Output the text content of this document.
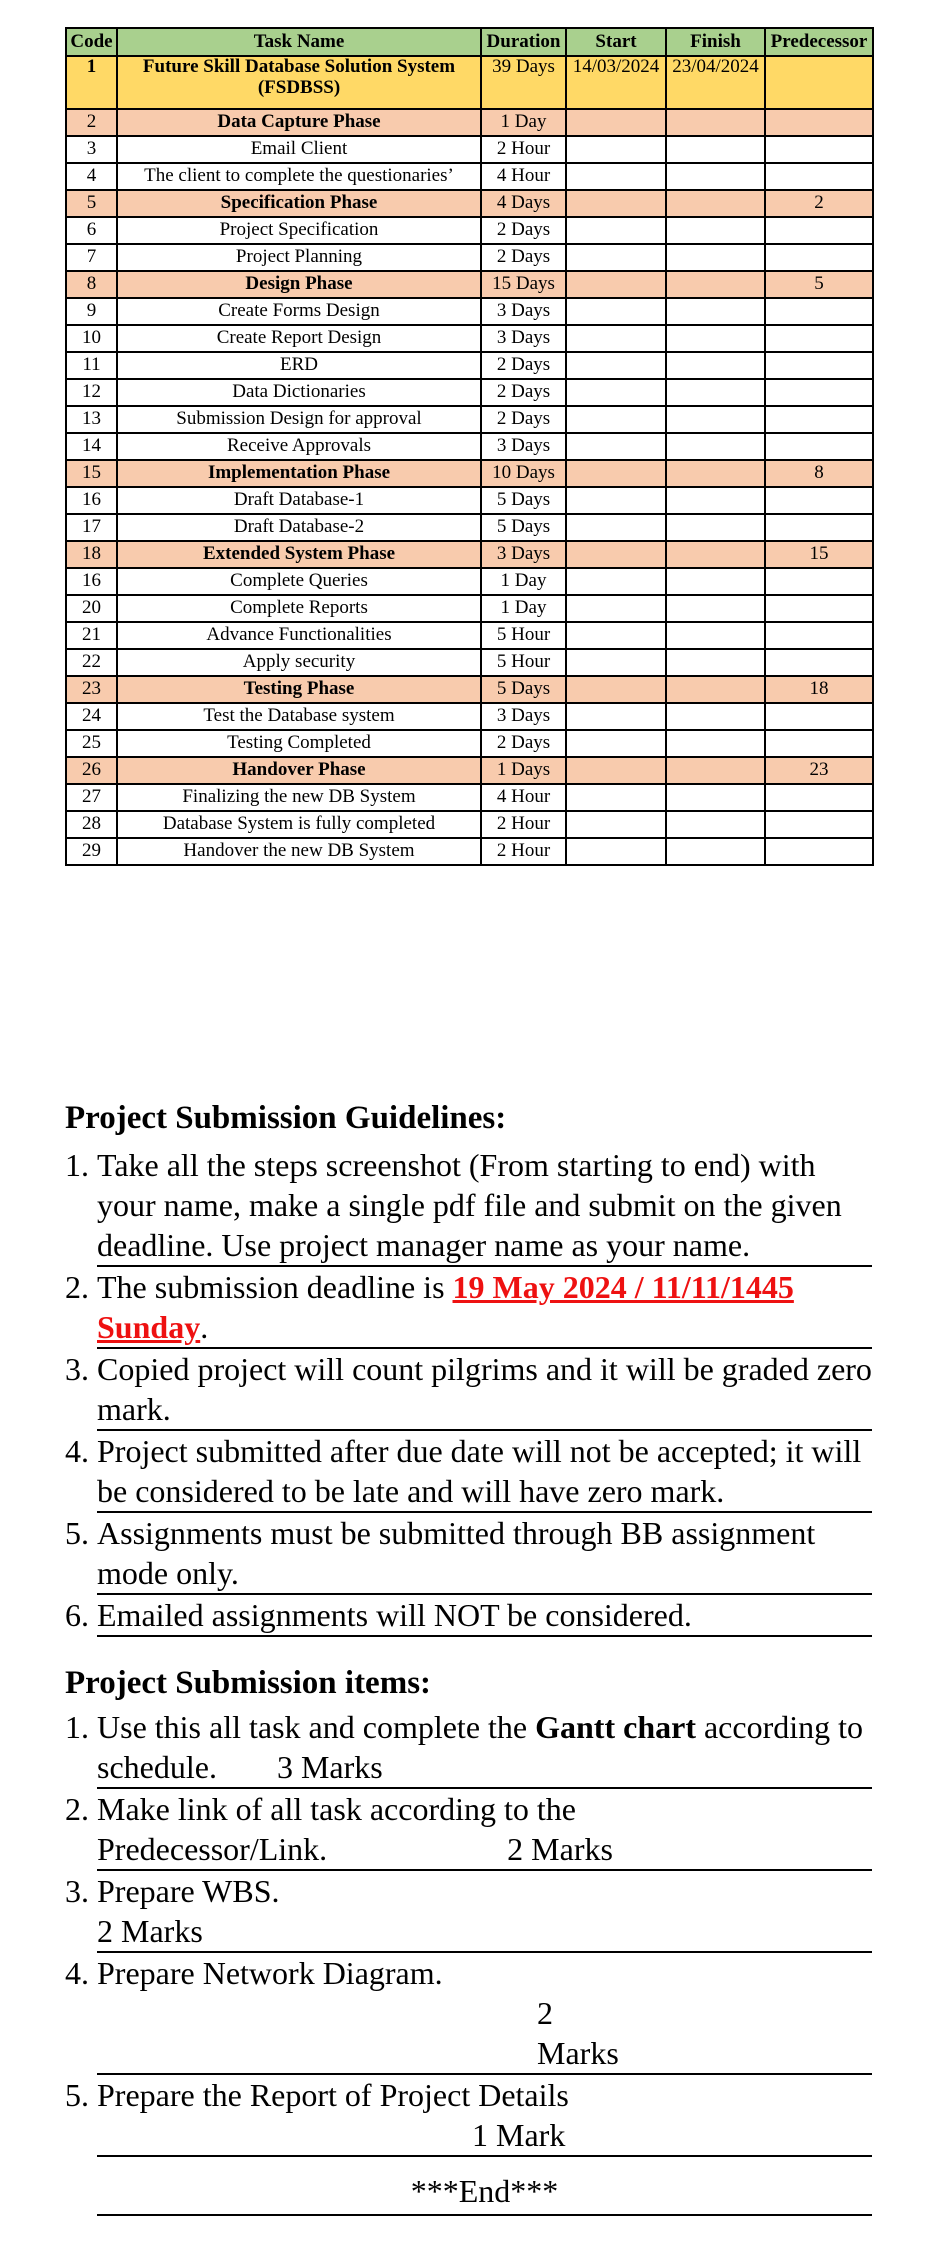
Code	Task Name	Duration	Start	Finish	Predecessor
1	Future Skill Database Solution System (FSDBSS)	39 Days	14/03/2024	23/04/2024	
2	Data Capture Phase	1 Day			
3	Email Client	2 Hour			
4	The client to complete the questionaries’	4 Hour			
5	Specification Phase	4 Days			2
6	Project Specification	2 Days			
7	Project Planning	2 Days			
8	Design Phase	15 Days			5
9	Create Forms Design	3 Days			
10	Create Report Design	3 Days			
11	ERD	2 Days			
12	Data Dictionaries	2 Days			
13	Submission Design for approval	2 Days			
14	Receive Approvals	3 Days			
15	Implementation Phase	10 Days			8
16	Draft Database-1	5 Days			
17	Draft Database-2	5 Days			
18	Extended System Phase	3 Days			15
16	Complete Queries	1 Day			
20	Complete Reports	1 Day			
21	Advance Functionalities	5 Hour			
22	Apply security	5 Hour			
23	Testing Phase	5 Days			18
24	Test the Database system	3 Days			
25	Testing Completed	2 Days			
26	Handover Phase	1 Days			23
27	Finalizing the new DB System	4 Hour			
28	Database System is fully completed	2 Hour			
29	Handover the new DB System	2 Hour			
Project Submission Guidelines:
1. Take all the steps screenshot (From starting to end) with your name, make a single pdf file and submit on the given deadline. Use project manager name as your name.
2. The submission deadline is 19 May 2024 / 11/11/1445 Sunday.
3. Copied project will count pilgrims and it will be graded zero mark.
4. Project submitted after due date will not be accepted; it will be considered to be late and will have zero mark.
5. Assignments must be submitted through BB assignment mode only.
6. Emailed assignments will NOT be considered.
Project Submission items:
1. Use this all task and complete the Gantt chart according to schedule. 3 Marks
2. Make link of all task according to the Predecessor/Link.	2 Marks
3. Prepare WBS.
2 Marks
4. Prepare Network Diagram.2 Marks
5. Prepare the Report of Project Details
1 Mark
***End***
